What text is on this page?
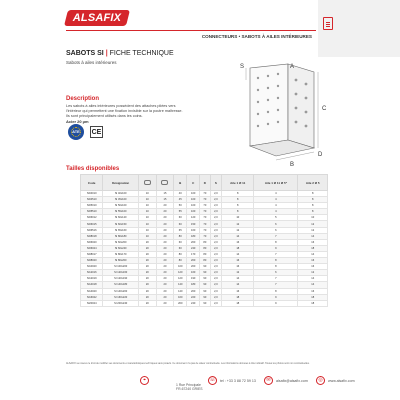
ALSAFIX
CONNECTEURS • SABOTS À AILES INTÉRIEURES
SABOTS SI | FICHE TECHNIQUE
Sabots à ailes intérieures
Description
Les sabots à ailes intérieures possèdent des attaches pliées vers l'intérieur qui permettent une fixation invisible sur la poutre maîtresse. Ils sont principalement utilisés dans les coins.
Acier 20 µm
ATE	CE
S	A
C
D
B
Tailles disponibles
Code	Désignation			B	C	D	S	Aile 1 Ø 11	Aile 1 Ø 11 Ø 5*	Aile 2 Ø 5
SI04010	SI 40x100	10	15	40	100	70	2,0	8	4	8
SI04510	SI 45x100	10	15	45	100	70	2,0	8	4	8
SI05010	SI 50x100	10	20	50	100	70	2,0	8	4	8
SI05510	SI 55x100	10	20	55	100	70	2,0	8	4	8
SI06012	SI 60x120	10	20	60	120	70	2,0	10	5	10
SI06015	SI 60x150	10	20	60	150	70	2,0	12	6	12
SI06516	SI 65x160	10	20	65	160	70	2,0	12	6	12
SI08018	SI 80x180	10	20	80	180	70	2,0	14	7	14
SI06020	SI 60x200	20	20	60	200	80	2,0	16	8	16
SI06024	SI 60x240	20	20	60	240	80	2,0	18	9	18
SI08017	SI 80x170	20	20	80	170	80	2,0	14	7	14
SI08020	SI 80x200	20	20	80	200	80	2,0	16	8	16
SI10020	SI 100x200	20	20	100	200	90	2,0	16	8	16
SI12016	SI 120x160	20	20	120	160	90	2,0	12	6	12
SI12019	SI 120x190	20	20	120	190	90	2,0	14	7	14
SI14018	SI 140x180	20	20	140	180	90	2,0	14	7	14
SI14020	SI 140x200	20	20	140	200	90	2,0	16	8	16
SI16022	SI 160x220	20	20	160	220	90	2,0	18	9	18
SI20024	SI 200x240	20	20	200	240	90	2,0	18	9	18
ALSAFIX se réserve le droit de modifier ses documents et caractéristiques techniques sans préavis. Ce document n'a pas de valeur contractuelle. Les informations données à titre indicatif. Toutes les photos sont non contractuelles.
1 Rue Principale
FR-67240 GRIES
⌖	☏	tel : +33 3 88 72 59 13	✉	alsafix@alsafix.com	◎	www.alsafix.com
